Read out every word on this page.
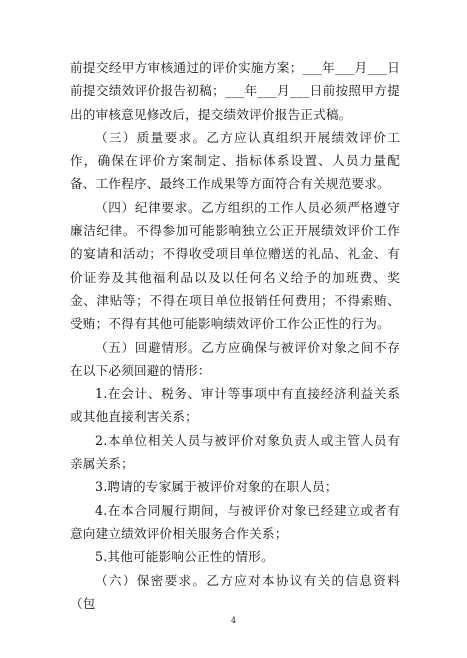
前提交经甲方审核通过的评价实施方案；___年___月___日前提交绩效评价报告初稿；___年___月___日前按照甲方提出的审核意见修改后，提交绩效评价报告正式稿。

（三）质量要求。乙方应认真组织开展绩效评价工作，确保在评价方案制定、指标体系设置、人员力量配备、工作程序、最终工作成果等方面符合有关规范要求。

（四）纪律要求。乙方组织的工作人员必须严格遵守廉洁纪律。不得参加可能影响独立公正开展绩效评价工作的宴请和活动；不得收受项目单位赠送的礼品、礼金、有价证券及其他福利品以及以任何名义给予的加班费、奖金、津贴等；不得在项目单位报销任何费用；不得索贿、受贿；不得有其他可能影响绩效评价工作公正性的行为。

（五）回避情形。乙方应确保与被评价对象之间不存在以下必须回避的情形：

1.在会计、税务、审计等事项中有直接经济利益关系或其他直接利害关系；

2.本单位相关人员与被评价对象负责人或主管人员有亲属关系；

3.聘请的专家属于被评价对象的在职人员；

4.在本合同履行期间，与被评价对象已经建立或者有意向建立绩效评价相关服务合作关系；

5.其他可能影响公正性的情形。

（六）保密要求。乙方应对本协议有关的信息资料（包

4
